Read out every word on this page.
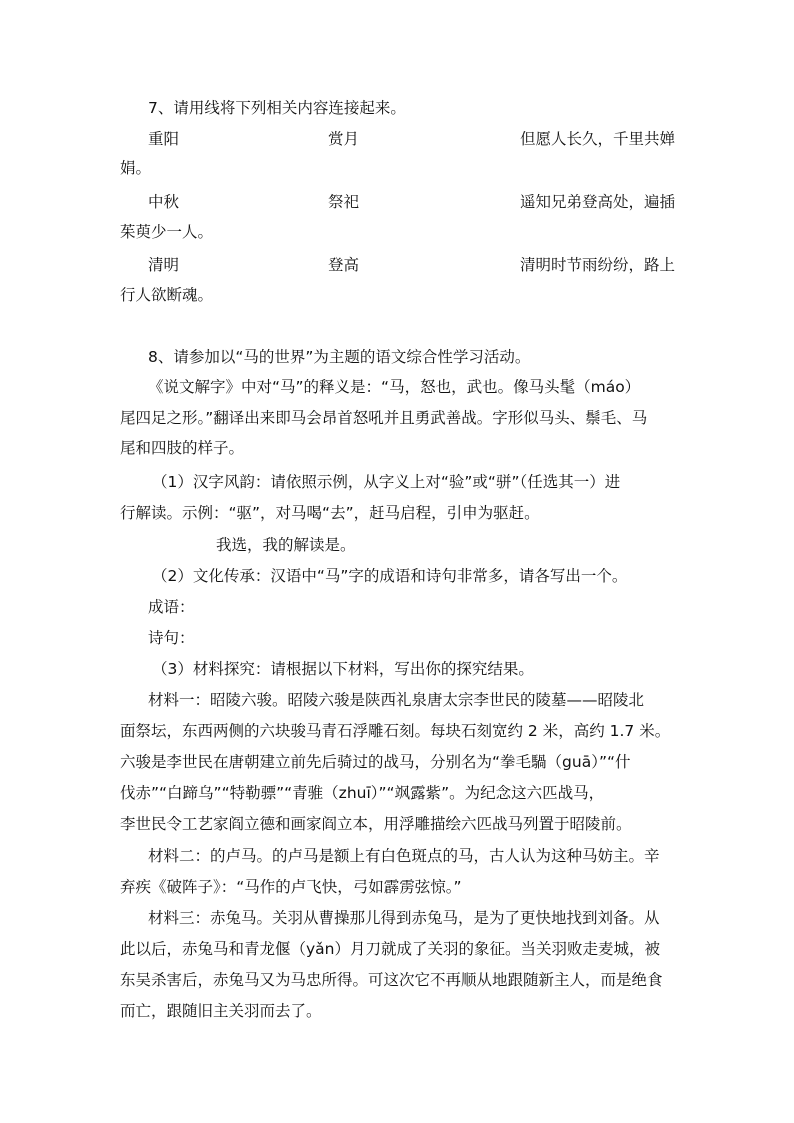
7、请用线将下列相关内容连接起来。
重阳	赏月	但愿人长久，千里共婵
娟。
中秋	祭祀	遥知兄弟登高处，遍插
茱萸少一人。
清明	登高	清明时节雨纷纷，路上
行人欲断魂。
8、请参加以“马的世界”为主题的语文综合性学习活动。
《说文解字》中对“马”的释义是：“马，怒也，武也。像马头髦（máo）
尾四足之形。”翻译出来即马会昂首怒吼并且勇武善战。字形似马头、鬃毛、马
尾和四肢的样子。
（1）汉字风韵：请依照示例，从字义上对“验”或“骈”（任选其一）进
行解读。示例：“驱”，对马喝“去”，赶马启程，引申为驱赶。
我选，我的解读是。
（2）文化传承：汉语中“马”字的成语和诗句非常多，请各写出一个。
成语：
诗句：
（3）材料探究：请根据以下材料，写出你的探究结果。
材料一：昭陵六骏。昭陵六骏是陕西礼泉唐太宗李世民的陵墓——昭陵北
面祭坛，东西两侧的六块骏马青石浮雕石刻。每块石刻宽约 2 米，高约 1.7 米。
六骏是李世民在唐朝建立前先后骑过的战马，分别名为“拳毛騧（guā）”“什
伐赤”“白蹄乌”“特勒骠”“青骓（zhuī）”“飒露紫”。为纪念这六匹战马，
李世民令工艺家阎立德和画家阎立本，用浮雕描绘六匹战马列置于昭陵前。
材料二：的卢马。的卢马是额上有白色斑点的马，古人认为这种马妨主。辛
弃疾《破阵子》：“马作的卢飞快，弓如霹雳弦惊。”
材料三：赤兔马。关羽从曹操那儿得到赤兔马，是为了更快地找到刘备。从
此以后，赤兔马和青龙偃（yǎn）月刀就成了关羽的象征。当关羽败走麦城，被
东吴杀害后，赤兔马又为马忠所得。可这次它不再顺从地跟随新主人，而是绝食
而亡，跟随旧主关羽而去了。
